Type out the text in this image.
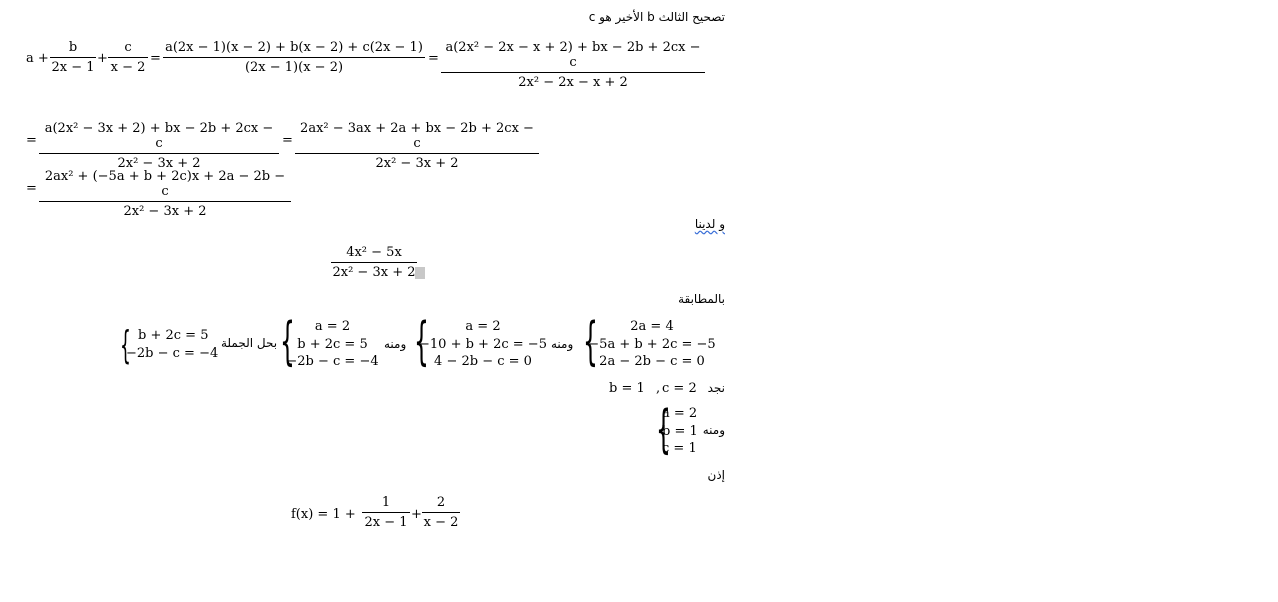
تصحيح الثالث b الأخير هو c
$a + \frac{b}{2x - 1} + \frac{c}{x - 2} = \frac{a(2x - 1)(x - 2) + b(x - 2) + c(2x - 1)}{(2x - 1)(x - 2)} = \frac{\text{a(2x² − 2x − x + 2) + bx − 2b + 2cx − c}}{\text{2x² − 2x − x + 2}}$
= $\frac{\text{a(2x² − 3x + 2) + bx − 2b + 2cx − c}}{\text{2x² − 3x + 2}} = \frac{\text{2ax² − 3ax + 2a + bx − 2b + 2cx − c}}{\text{2x² − 3x + 2}}$
= $\frac{\text{2ax² + (−5a + b + 2c)x + 2a − 2b − c}}{\text{2x² − 3x + 2}}$
و لدينا
$\frac{\text{4x² − 5x}}{\text{2x² − 3x + 2}}$
بالمطابقة
{	2a = 4
−5a + b + 2c = −5
2a − 2b − c = 0
ومنه
{	a = 2
−10 + b + 2c = −5
4 − 2b − c = 0
ومنه
{	a = 2
b + 2c = 5
−2b − c = −4
بحل الجملة
{ b + 2c = 5
−2b − c = −4
b = 1 , c = 2 نجد
{
a = 2
b = 1
c = 1
ومنه
إذن
$f(x) = 1 + \frac{1}{2x - 1} + \frac{2}{x - 2}$
